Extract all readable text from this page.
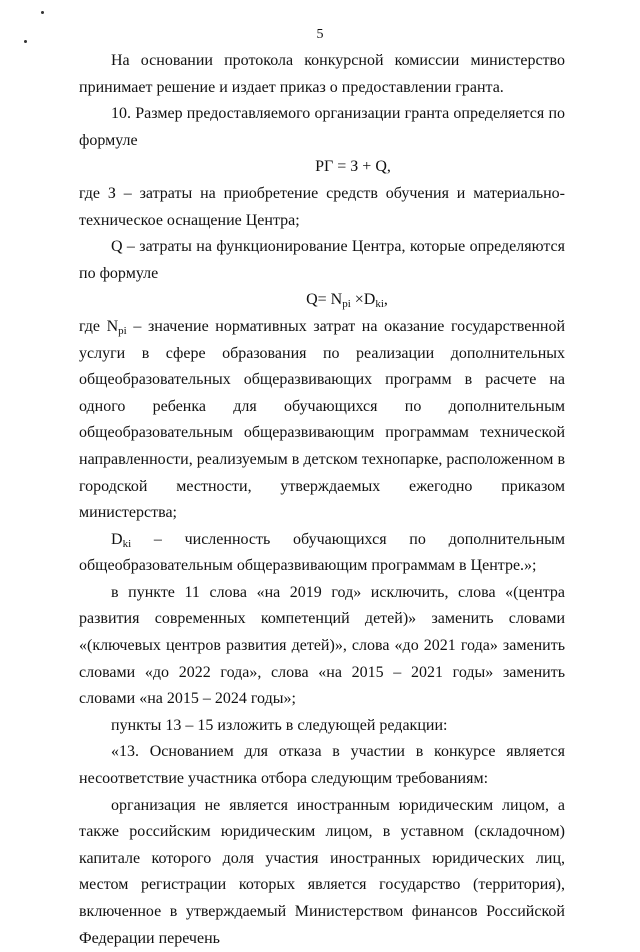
5

На основании протокола конкурсной комиссии министерство принимает решение и издает приказ о предоставлении гранта.

10. Размер предоставляемого организации гранта определяется по формуле

РГ = З + Q,

где З – затраты на приобретение средств обучения и материально-техническое оснащение Центра;

Q – затраты на функционирование Центра, которые определяются по формуле

$Q= N_{pi} \times D_{ki}$,

где $N_{pi}$ – значение нормативных затрат на оказание государственной услуги в сфере образования по реализации дополнительных общеобразовательных общеразвивающих программ в расчете на одного ребенка для обучающихся по дополнительным общеобразовательным общеразвивающим программам технической направленности, реализуемым в детском технопарке, расположенном в городской местности, утверждаемых ежегодно приказом министерства;

$D_{ki}$ – численность обучающихся по дополнительным общеобразовательным общеразвивающим программам в Центре.»;

в пункте 11 слова «на 2019 год» исключить, слова «(центра развития современных компетенций детей)» заменить словами «(ключевых центров развития детей)», слова «до 2021 года» заменить словами «до 2022 года», слова «на 2015 – 2021 годы» заменить словами «на 2015 – 2024 годы»;

пункты 13 – 15 изложить в следующей редакции:

«13. Основанием для отказа в участии в конкурсе является несоответствие участника отбора следующим требованиям:

организация не является иностранным юридическим лицом, а также российским юридическим лицом, в уставном (складочном) капитале которого доля участия иностранных юридических лиц, местом регистрации которых является государство (территория), включенное в утверждаемый Министерством финансов Российской Федерации перечень
